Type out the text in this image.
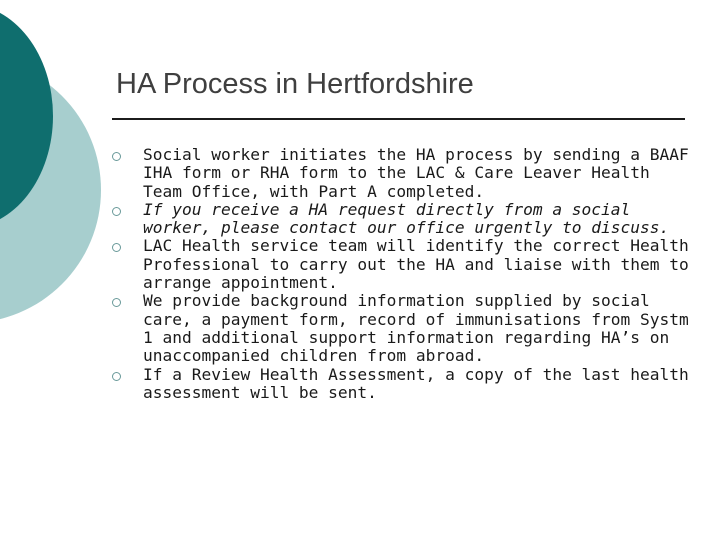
HA Process in Hertfordshire
Social worker initiates the HA process by sending a BAAF IHA form or RHA form to the LAC & Care Leaver Health Team Office, with Part A completed.
If you receive a HA request directly from a social worker, please contact our office urgently to discuss.
LAC Health service team will identify the correct Health Professional to carry out the HA and liaise with them to arrange appointment.
We provide background information supplied by social care, a payment form, record of immunisations from Systm 1 and additional support information regarding HA’s on unaccompanied children from abroad.
If a Review Health Assessment, a copy of the last health assessment will be sent.
